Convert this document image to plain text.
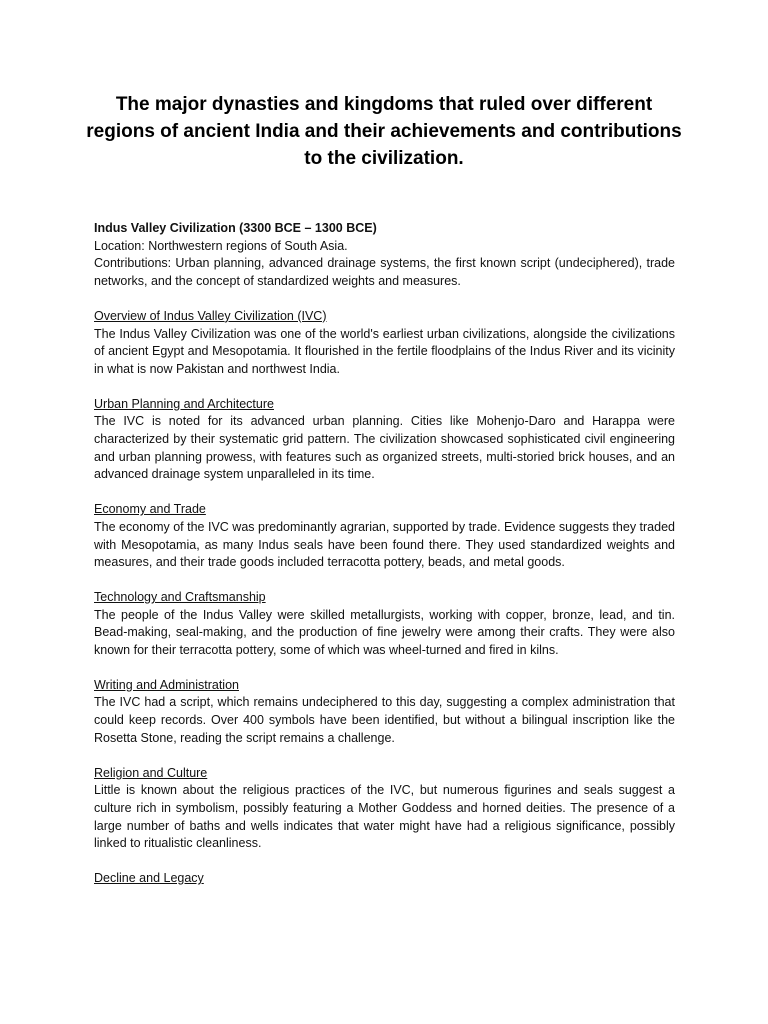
The major dynasties and kingdoms that ruled over different regions of ancient India and their achievements and contributions to the civilization.
Indus Valley Civilization (3300 BCE – 1300 BCE)
Location: Northwestern regions of South Asia.
Contributions: Urban planning, advanced drainage systems, the first known script (undeciphered), trade networks, and the concept of standardized weights and measures.
Overview of Indus Valley Civilization (IVC)
The Indus Valley Civilization was one of the world's earliest urban civilizations, alongside the civilizations of ancient Egypt and Mesopotamia. It flourished in the fertile floodplains of the Indus River and its vicinity in what is now Pakistan and northwest India.
Urban Planning and Architecture
The IVC is noted for its advanced urban planning. Cities like Mohenjo-Daro and Harappa were characterized by their systematic grid pattern. The civilization showcased sophisticated civil engineering and urban planning prowess, with features such as organized streets, multi-storied brick houses, and an advanced drainage system unparalleled in its time.
Economy and Trade
The economy of the IVC was predominantly agrarian, supported by trade. Evidence suggests they traded with Mesopotamia, as many Indus seals have been found there. They used standardized weights and measures, and their trade goods included terracotta pottery, beads, and metal goods.
Technology and Craftsmanship
The people of the Indus Valley were skilled metallurgists, working with copper, bronze, lead, and tin. Bead-making, seal-making, and the production of fine jewelry were among their crafts. They were also known for their terracotta pottery, some of which was wheel-turned and fired in kilns.
Writing and Administration
The IVC had a script, which remains undeciphered to this day, suggesting a complex administration that could keep records. Over 400 symbols have been identified, but without a bilingual inscription like the Rosetta Stone, reading the script remains a challenge.
Religion and Culture
Little is known about the religious practices of the IVC, but numerous figurines and seals suggest a culture rich in symbolism, possibly featuring a Mother Goddess and horned deities. The presence of a large number of baths and wells indicates that water might have had a religious significance, possibly linked to ritualistic cleanliness.
Decline and Legacy
